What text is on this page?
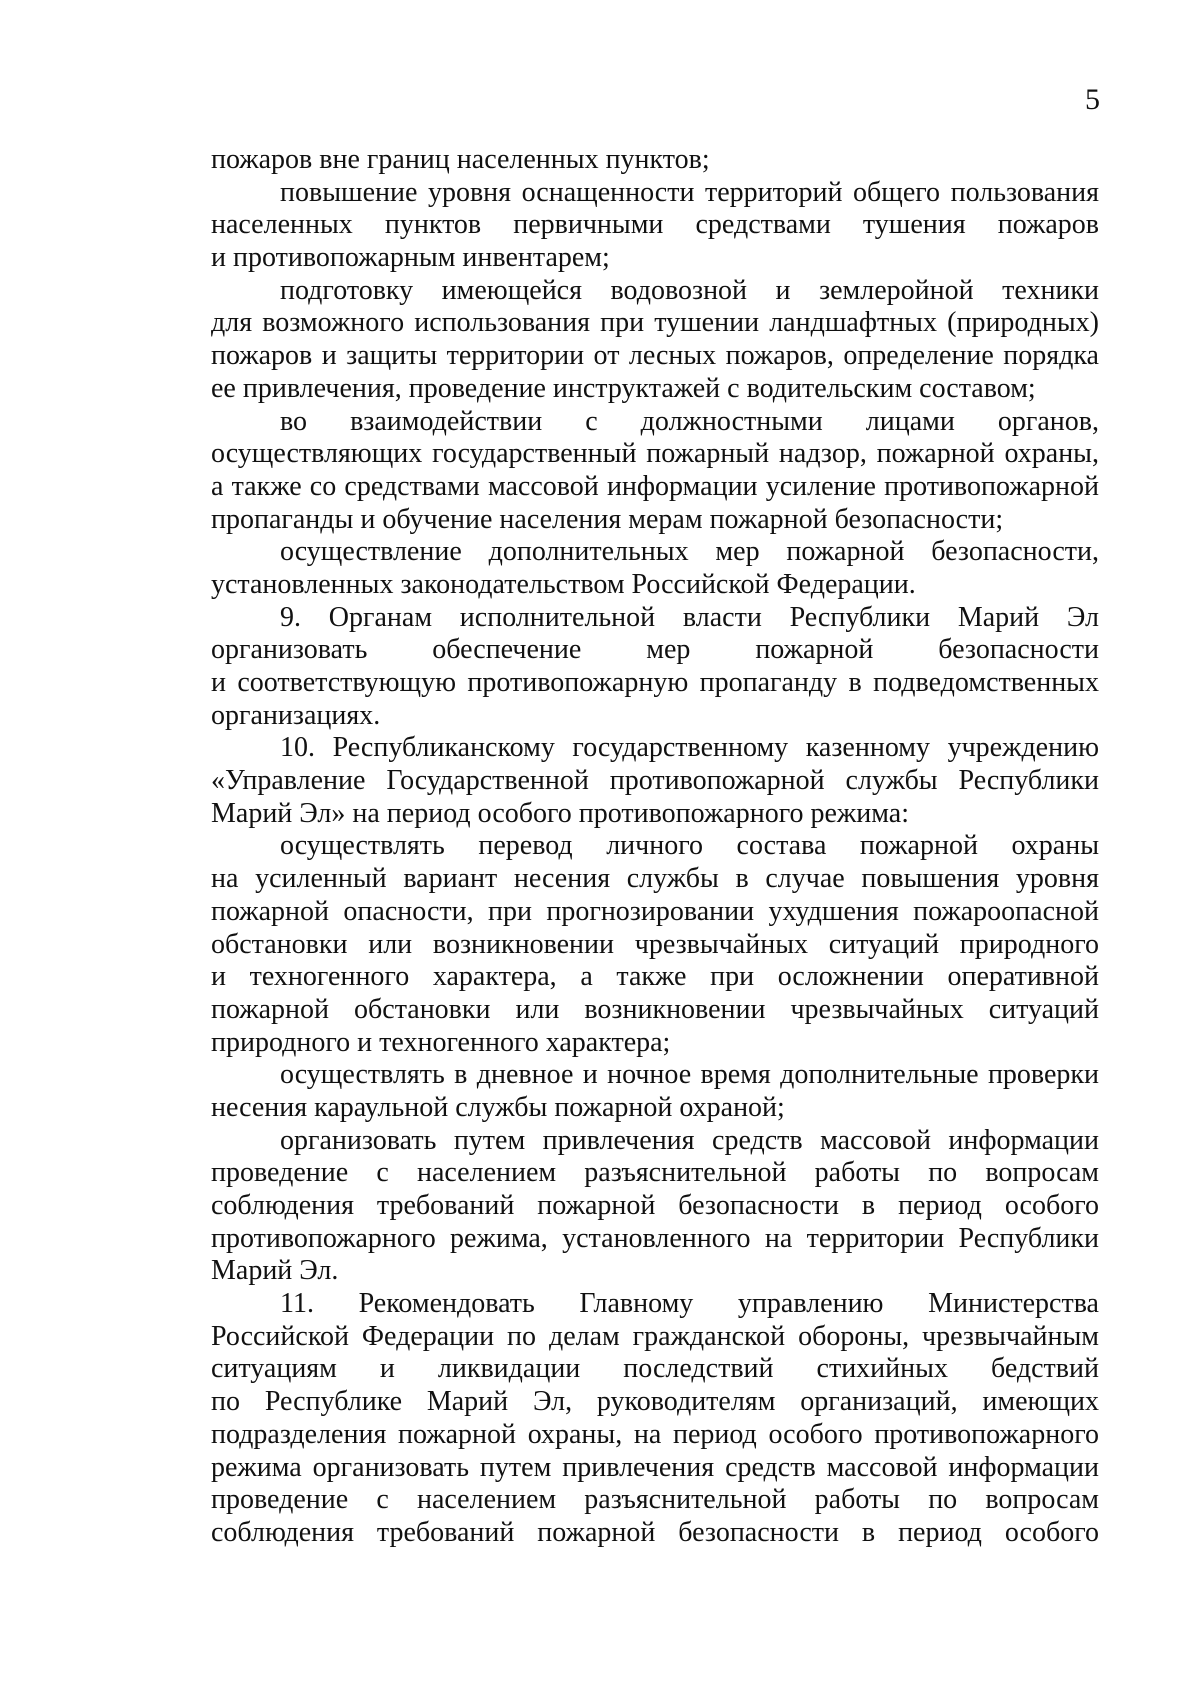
5
пожаров вне границ населенных пунктов;
повышение уровня оснащенности территорий общего пользования
населенных пунктов первичными средствами тушения пожаров
и противопожарным инвентарем;
подготовку имеющейся водовозной и землеройной техники
для возможного использования при тушении ландшафтных (природных)
пожаров и защиты территории от лесных пожаров, определение порядка
ее привлечения, проведение инструктажей с водительским составом;
во взаимодействии с должностными лицами органов,
осуществляющих государственный пожарный надзор, пожарной охраны,
а также со средствами массовой информации усиление противопожарной
пропаганды и обучение населения мерам пожарной безопасности;
осуществление дополнительных мер пожарной безопасности,
установленных законодательством Российской Федерации.
9. Органам исполнительной власти Республики Марий Эл
организовать обеспечение мер пожарной безопасности
и соответствующую противопожарную пропаганду в подведомственных
организациях.
10. Республиканскому государственному казенному учреждению
«Управление Государственной противопожарной службы Республики
Марий Эл» на период особого противопожарного режима:
осуществлять перевод личного состава пожарной охраны
на усиленный вариант несения службы в случае повышения уровня
пожарной опасности, при прогнозировании ухудшения пожароопасной
обстановки или возникновении чрезвычайных ситуаций природного
и техногенного характера, а также при осложнении оперативной
пожарной обстановки или возникновении чрезвычайных ситуаций
природного и техногенного характера;
осуществлять в дневное и ночное время дополнительные проверки
несения караульной службы пожарной охраной;
организовать путем привлечения средств массовой информации
проведение с населением разъяснительной работы по вопросам
соблюдения требований пожарной безопасности в период особого
противопожарного режима, установленного на территории Республики
Марий Эл.
11. Рекомендовать Главному управлению Министерства
Российской Федерации по делам гражданской обороны, чрезвычайным
ситуациям и ликвидации последствий стихийных бедствий
по Республике Марий Эл, руководителям организаций, имеющих
подразделения пожарной охраны, на период особого противопожарного
режима организовать путем привлечения средств массовой информации
проведение с населением разъяснительной работы по вопросам
соблюдения требований пожарной безопасности в период особого
